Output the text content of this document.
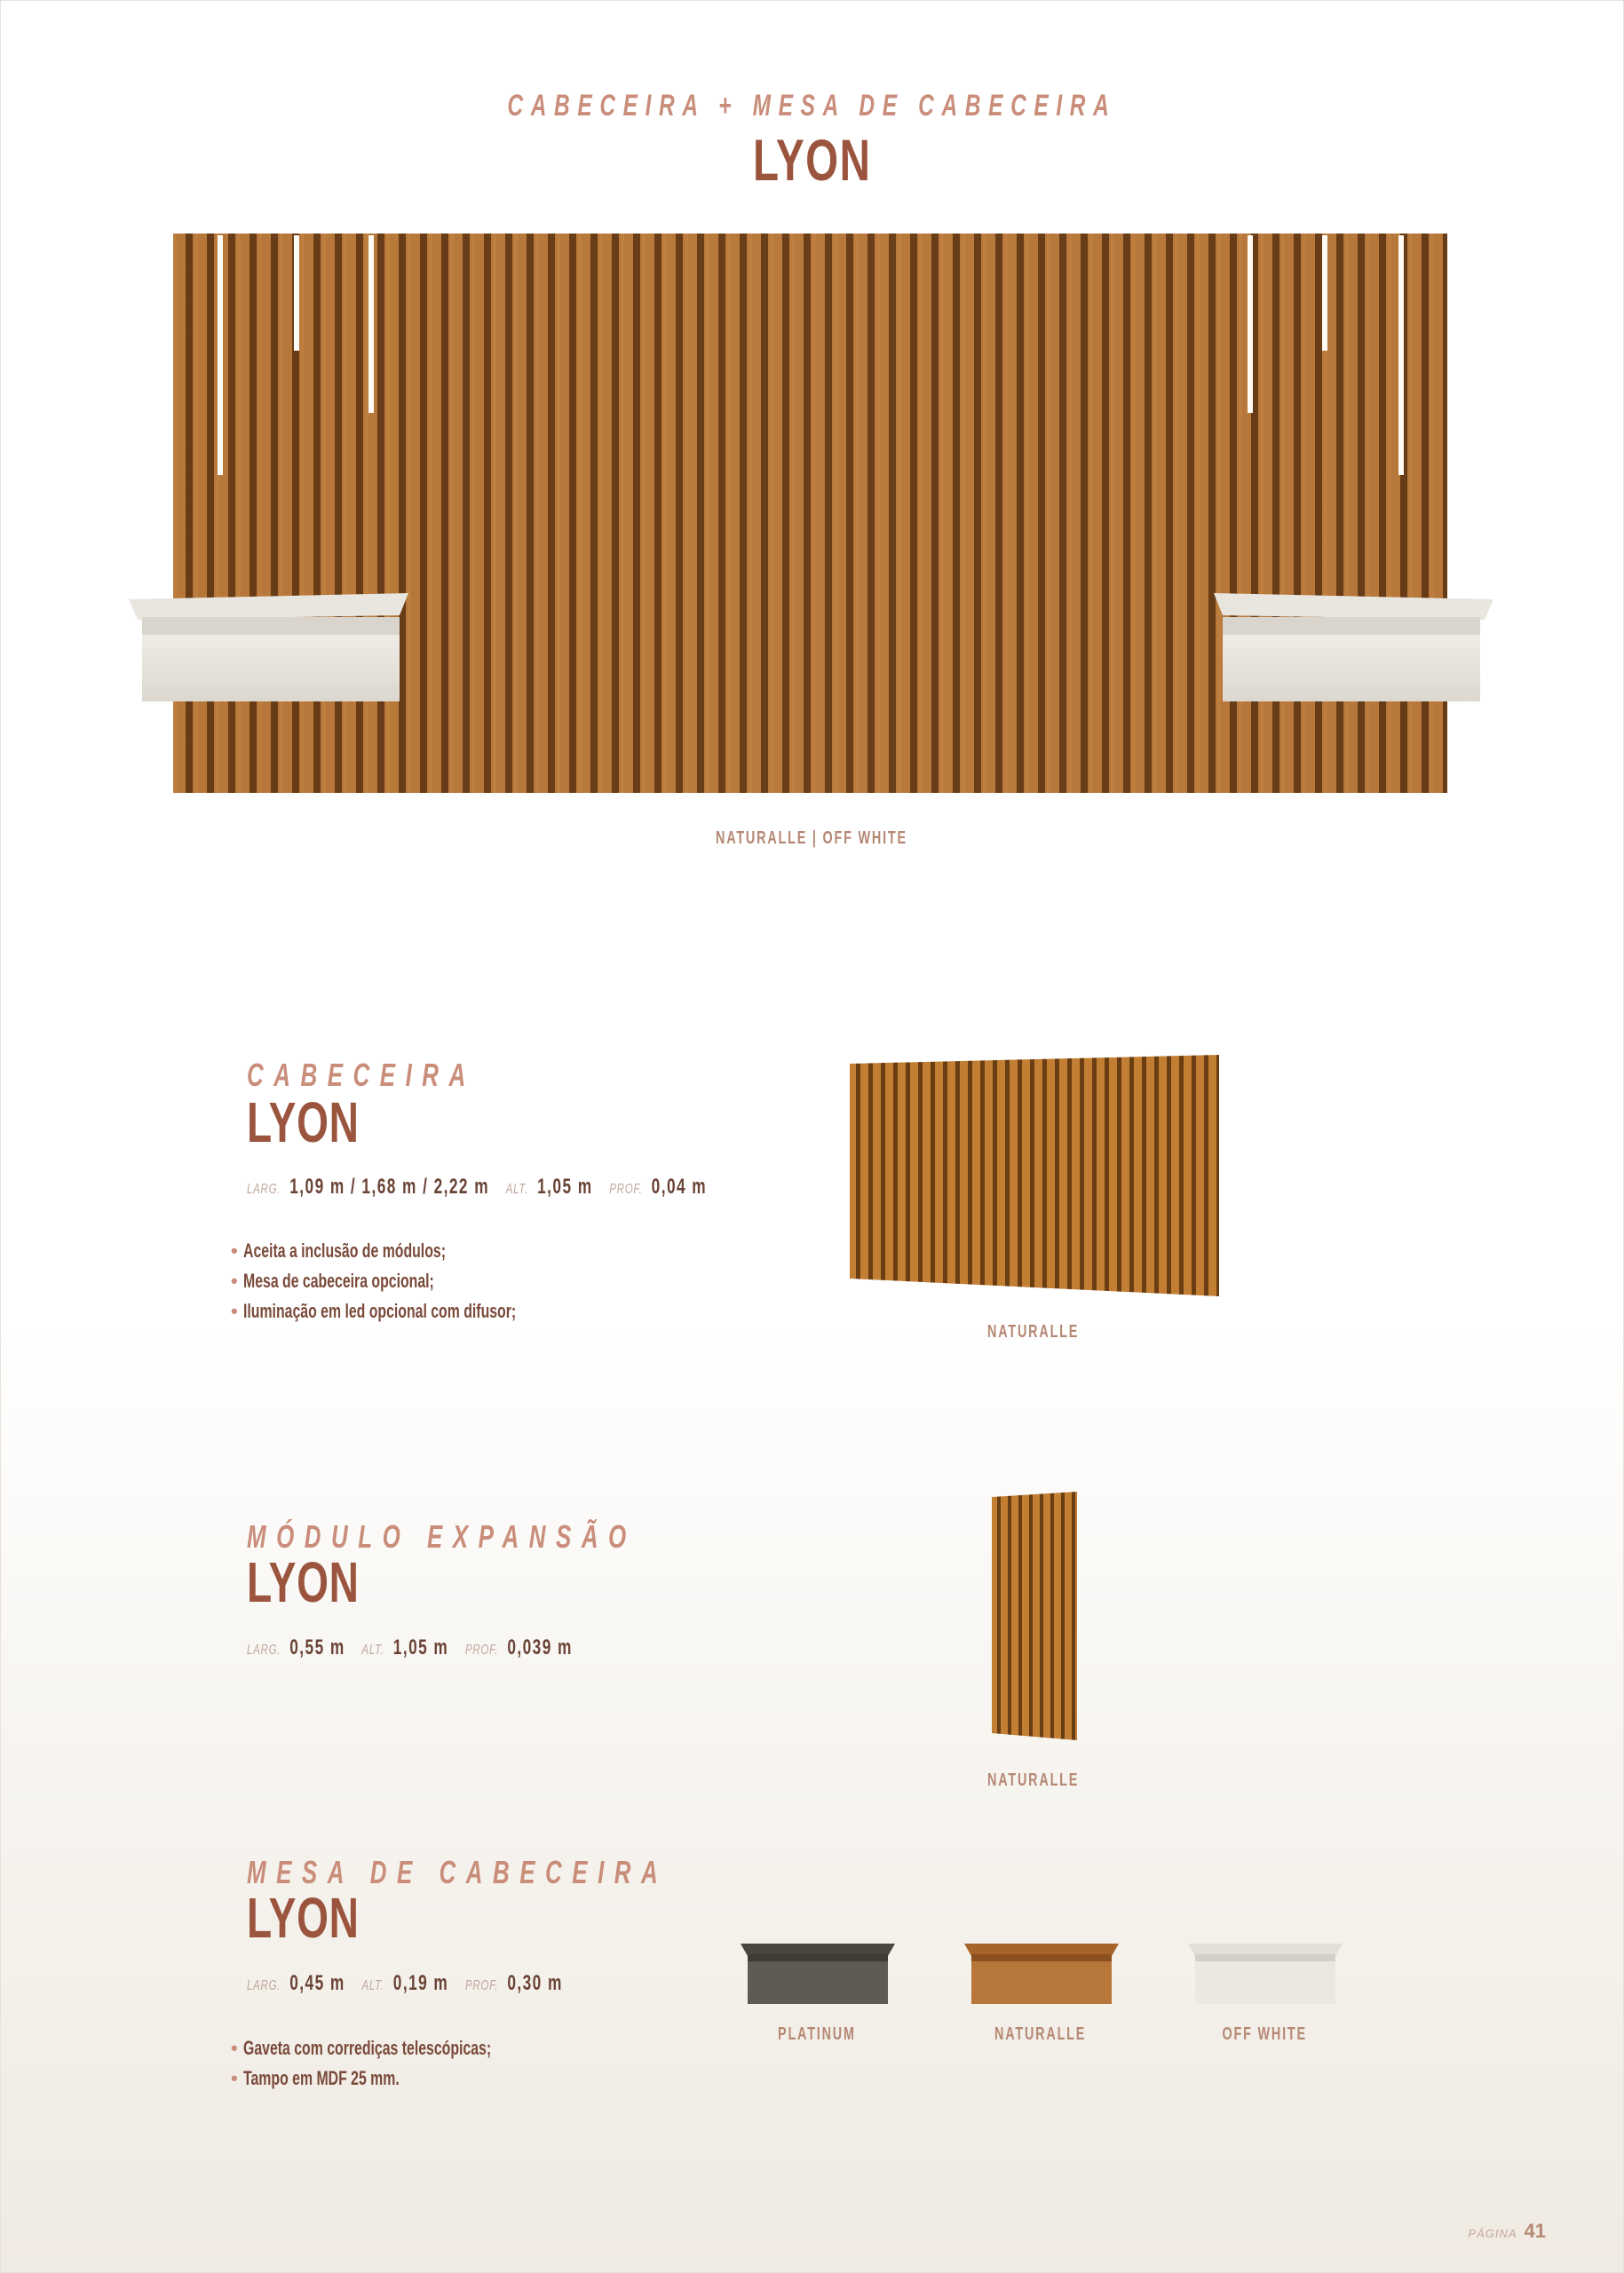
CABECEIRA + MESA DE CABECEIRA
LYON
NATURALLE | OFF WHITE
CABECEIRA
LYON
LARG. 1,09 m / 1,68 m / 2,22 m ALT. 1,05 m PROF. 0,04 m
• Aceita a inclusão de módulos;
• Mesa de cabeceira opcional;
• Iluminação em led opcional com difusor;
NATURALLE
MÓDULO EXPANSÃO
LYON
LARG. 0,55 m ALT. 1,05 m PROF. 0,039 m
NATURALLE
MESA DE CABECEIRA
LYON
LARG. 0,45 m ALT. 0,19 m PROF. 0,30 m
• Gaveta com corrediças telescópicas;
• Tampo em MDF 25 mm.
PLATINUM	NATURALLE	OFF WHITE
PÁGINA 41
